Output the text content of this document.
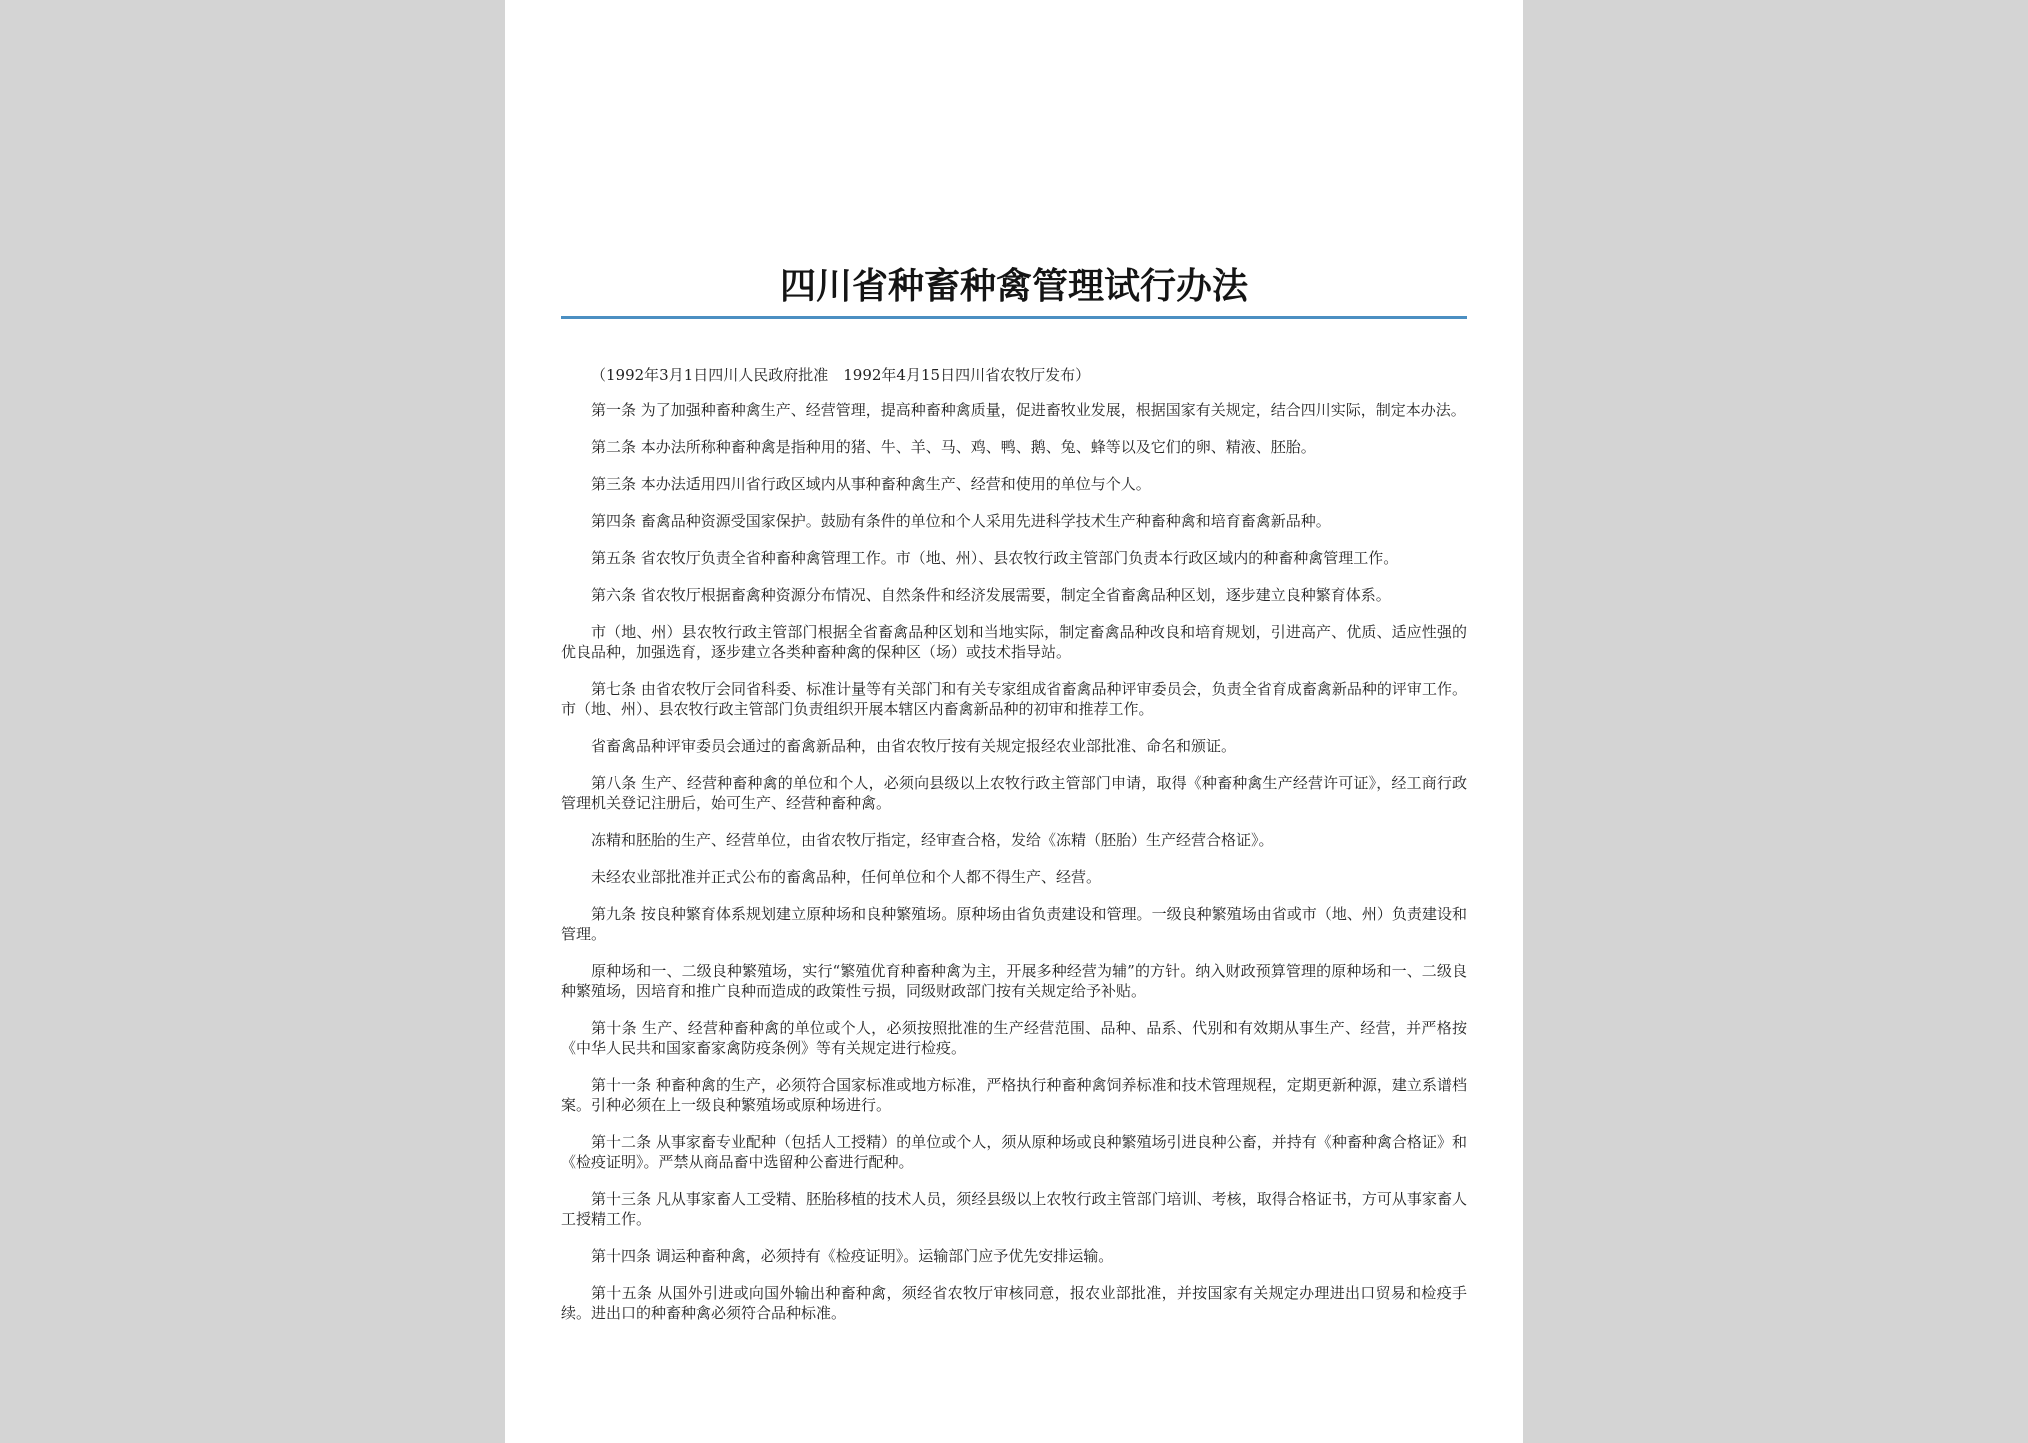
四川省种畜种禽管理试行办法

（1992年3月1日四川人民政府批准　1992年4月15日四川省农牧厅发布）

第一条 为了加强种畜种禽生产、经营管理，提高种畜种禽质量，促进畜牧业发展，根据国家有关规定，结合四川实际，制定本办法。

第二条 本办法所称种畜种禽是指种用的猪、牛、羊、马、鸡、鸭、鹅、兔、蜂等以及它们的卵、精液、胚胎。

第三条 本办法适用四川省行政区域内从事种畜种禽生产、经营和使用的单位与个人。

第四条 畜禽品种资源受国家保护。鼓励有条件的单位和个人采用先进科学技术生产种畜种禽和培育畜禽新品种。

第五条 省农牧厅负责全省种畜种禽管理工作。市（地、州）、县农牧行政主管部门负责本行政区域内的种畜种禽管理工作。

第六条 省农牧厅根据畜禽种资源分布情况、自然条件和经济发展需要，制定全省畜禽品种区划，逐步建立良种繁育体系。

市（地、州）县农牧行政主管部门根据全省畜禽品种区划和当地实际，制定畜禽品种改良和培育规划，引进高产、优质、适应性强的优良品种，加强选育，逐步建立各类种畜种禽的保种区（场）或技术指导站。

第七条 由省农牧厅会同省科委、标准计量等有关部门和有关专家组成省畜禽品种评审委员会，负责全省育成畜禽新品种的评审工作。市（地、州）、县农牧行政主管部门负责组织开展本辖区内畜禽新品种的初审和推荐工作。

省畜禽品种评审委员会通过的畜禽新品种，由省农牧厅按有关规定报经农业部批准、命名和颁证。

第八条 生产、经营种畜种禽的单位和个人，必须向县级以上农牧行政主管部门申请，取得《种畜种禽生产经营许可证》，经工商行政管理机关登记注册后，始可生产、经营种畜种禽。

冻精和胚胎的生产、经营单位，由省农牧厅指定，经审查合格，发给《冻精（胚胎）生产经营合格证》。

未经农业部批准并正式公布的畜禽品种，任何单位和个人都不得生产、经营。

第九条 按良种繁育体系规划建立原种场和良种繁殖场。原种场由省负责建设和管理。一级良种繁殖场由省或市（地、州）负责建设和管理。

原种场和一、二级良种繁殖场，实行“繁殖优育种畜种禽为主，开展多种经营为辅”的方针。纳入财政预算管理的原种场和一、二级良种繁殖场，因培育和推广良种而造成的政策性亏损，同级财政部门按有关规定给予补贴。

第十条 生产、经营种畜种禽的单位或个人，必须按照批准的生产经营范围、品种、品系、代别和有效期从事生产、经营，并严格按《中华人民共和国家畜家禽防疫条例》等有关规定进行检疫。

第十一条 种畜种禽的生产，必须符合国家标准或地方标准，严格执行种畜种禽饲养标准和技术管理规程，定期更新种源，建立系谱档案。引种必须在上一级良种繁殖场或原种场进行。

第十二条 从事家畜专业配种（包括人工授精）的单位或个人，须从原种场或良种繁殖场引进良种公畜，并持有《种畜种禽合格证》和《检疫证明》。严禁从商品畜中选留种公畜进行配种。

第十三条 凡从事家畜人工受精、胚胎移植的技术人员，须经县级以上农牧行政主管部门培训、考核，取得合格证书，方可从事家畜人工授精工作。

第十四条 调运种畜种禽，必须持有《检疫证明》。运输部门应予优先安排运输。

第十五条 从国外引进或向国外输出种畜种禽，须经省农牧厅审核同意，报农业部批准，并按国家有关规定办理进出口贸易和检疫手续。进出口的种畜种禽必须符合品种标准。
